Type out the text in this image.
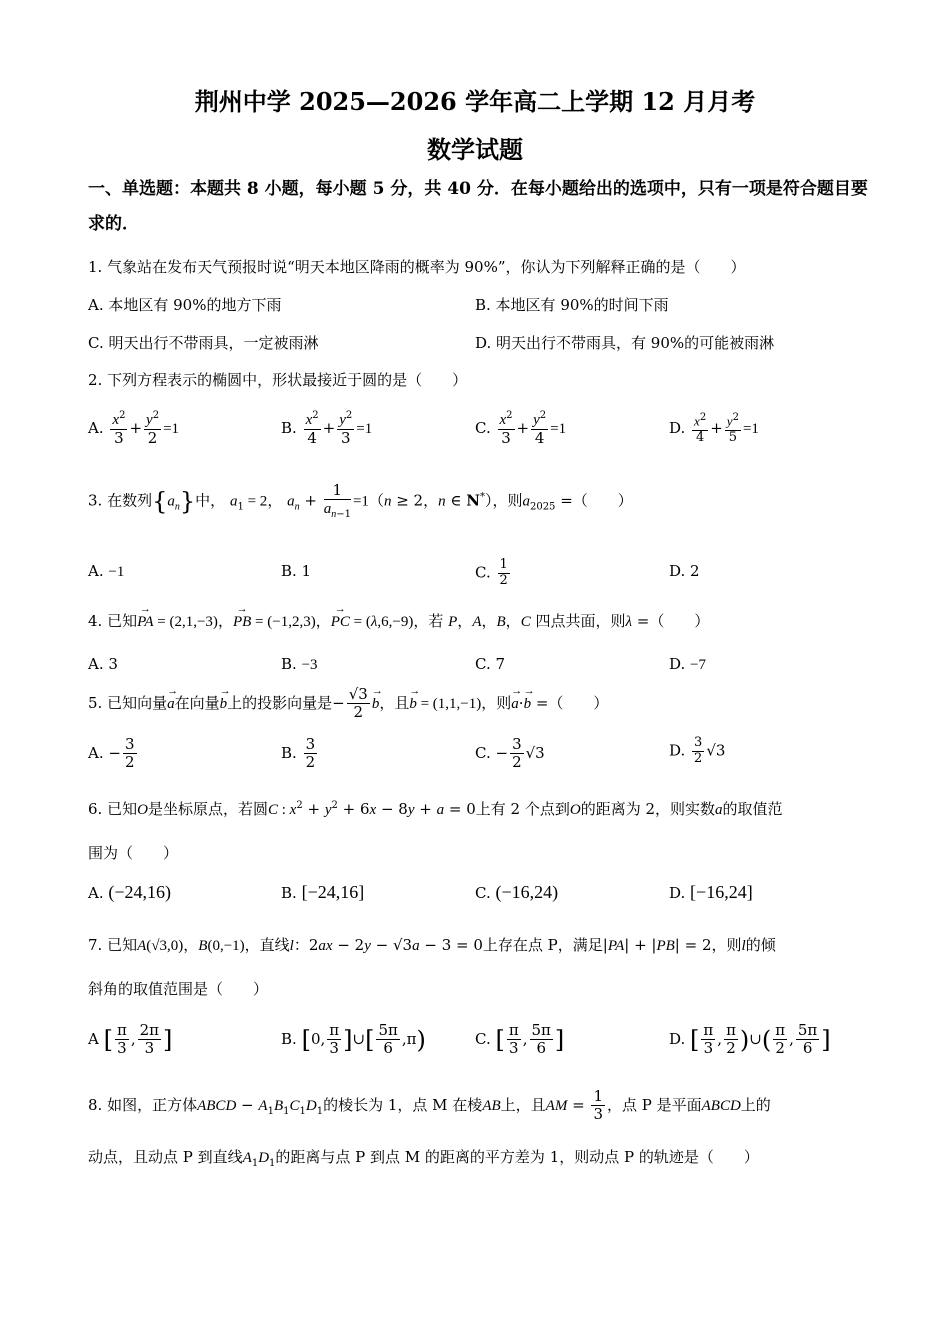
荆州中学 2025—2026 学年高二上学期 12 月月考
数学试题
一、单选题：本题共 8 小题，每小题 5 分，共 40 分．在每小题给出的选项中，只有一项是符合题目要求的．
1. 气象站在发布天气预报时说“明天本地区降雨的概率为 90%”，你认为下列解释正确的是（　　）
A. 本地区有 90%的地方下雨	B. 本地区有 90%的时间下雨
C. 明天出行不带雨具，一定被雨淋	D. 明天出行不带雨具，有 90%的可能被雨淋
2. 下列方程表示的椭圆中，形状最接近于圆的是（　　）
A. $\frac{x^2}{3} + \frac{y^2}{2} =1$	B. $\frac{x^2}{4} + \frac{y^2}{3} =1$	C. $\frac{x^2}{3} + \frac{y^2}{4} =1$	D. $\frac{x^2}{4} + \frac{y^2}{5} =1$
3. 在数列$\{a_n\}$中， $a_1 = 2$， $a_n + \frac{1}{a_{n-1}} =1(n \ge 2$，n ∈ N*），则$a_{2025}$ =（　　）
A. −1	B. 1	C. $\frac{1}{2}$	D. 2
4. 已知→ PA = (2,1,−3)，→ PB = (−1,2,3)，→ PC = (λ,6,−9)，若 P，A，B，C 四点共面，则λ =（　　）
A. 3	B. −3	C. 7	D. −7
5. 已知向量→ a在向量→ b上的投影向量是− $\frac{√3}{2} \to b$，且→ b = (1,1,−1)，则→ a·→ b =（　　）
A. − $\frac{3}{2}$	B. $\frac{3}{2}$	C. − $\frac{3}{2} √3$	D. $\frac{3}{2} √3$
6. 已知O是坐标原点，若圆C : $x^2 + y^2 + 6x - 8y + a = 0$上有 2 个点到O的距离为 2，则实数a的取值范
围为（　　）
A. (−24,16)	B. [−24,16]	C. (−16,24)	D. [−16,24]
7. 已知A(√3,0)，B(0,−1)，直线l：2ax − 2y − √3a − 3 = 0上存在点 P，满足|PA| + |PB| = 2，则l的倾
斜角的取值范围是（　　）
A [ $\frac{\pi}{3}$ , $\frac{2\pi}{3}$ ]	B. [0, $\frac{\pi}{3}$ ]∪[ $\frac{5\pi}{6} ,\pi$)	C. [ $\frac{\pi}{3}$ , $\frac{5\pi}{6}$ ]	D. [ $\frac{\pi}{3}$ , $\frac{\pi}{2}$ )∪( $\frac{\pi}{2}$ , $\frac{5\pi}{6}$ ]
8. 如图，正方体ABCD − $A_1B_1C_1D_1$的棱长为 1，点 M 在棱AB上，且AM = $\frac{1}{3}$ ，点 P 是平面ABCD上的
动点，且动点 P 到直线$A_1D_1$的距离与点 P 到点 M 的距离的平方差为 1，则动点 P 的轨迹是（　　）
